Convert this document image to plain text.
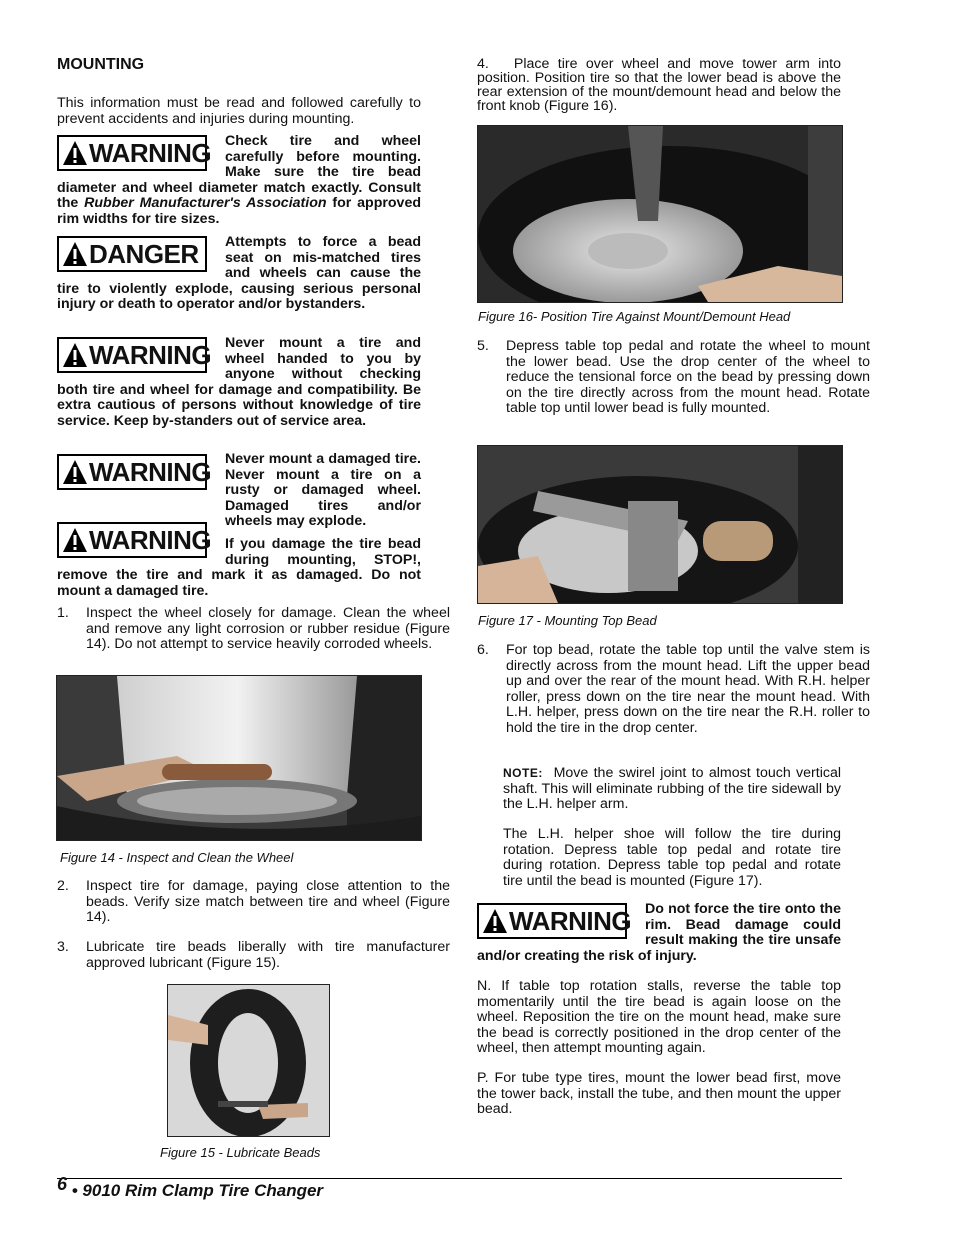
MOUNTING
This information must be read and followed carefully to prevent accidents and injuries during mounting.
WARNING Check tire and wheel carefully before mounting. Make sure the tire bead diameter and wheel diameter match exactly. Consult the Rubber Manufacturer's Association for approved rim widths for tire sizes.
DANGER	Attempts to force a bead seat on mis-matched tires and wheels can cause the tire to violently explode, causing serious personal injury or death to operator and/or bystanders.
WARNING Never mount a tire and wheel handed to you by anyone without checking both tire and wheel for damage and compatibility. Be extra cautious of persons without knowledge of tire service. Keep by-standers out of service area.
WARNING Never mount a damaged tire. Never mount a tire on a rusty or damaged wheel. Damaged tires and/or wheels may explode.
WARNING If you damage the tire bead during mounting, STOP!, remove the tire and mark it as damaged. Do not mount a damaged tire.
1. Inspect the wheel closely for damage. Clean the wheel and remove any light corrosion or rubber residue (Figure 14). Do not attempt to service heavily corroded wheels.
Figure 14 - Inspect and Clean the Wheel
2. Inspect tire for damage, paying close attention to the beads. Verify size match between tire and wheel (Figure 14).
3. Lubricate tire beads liberally with tire manufacturer approved lubricant (Figure 15).
Figure 15 - Lubricate Beads
4. Place tire over wheel and move tower arm into position. Position tire so that the lower bead is above the rear extension of the mount/demount head and below the front knob (Figure 16).
Figure 16- Position Tire Against Mount/Demount Head
5. Depress table top pedal and rotate the wheel to mount the lower bead. Use the drop center of the wheel to reduce the tensional force on the bead by pressing down on the tire directly across from the mount head. Rotate table top until lower bead is fully mounted.
Figure 17 - Mounting Top Bead
6. For top bead, rotate the table top until the valve stem is directly across from the mount head. Lift the upper bead up and over the rear of the mount head. With R.H. helper roller, press down on the tire near the mount head. With L.H. helper, press down on the tire near the R.H. roller to hold the tire in the drop center.
NOTE: Move the swirel joint to almost touch vertical shaft. This will eliminate rubbing of the tire sidewall by the L.H. helper arm.
The L.H. helper shoe will follow the tire during rotation. Depress table top pedal and rotate tire during rotation. Depress table top pedal and rotate tire until the bead is mounted (Figure 17).
WARNING Do not force the tire onto the rim. Bead damage could result making the tire unsafe and/or creating the risk of injury.
N. If table top rotation stalls, reverse the table top momentarily until the tire bead is again loose on the wheel. Reposition the tire on the mount head, make sure the bead is correctly positioned in the drop center of the wheel, then attempt mounting again.
P. For tube type tires, mount the lower bead first, move the tower back, install the tube, and then mount the upper bead.
6 • 9010 Rim Clamp Tire Changer
